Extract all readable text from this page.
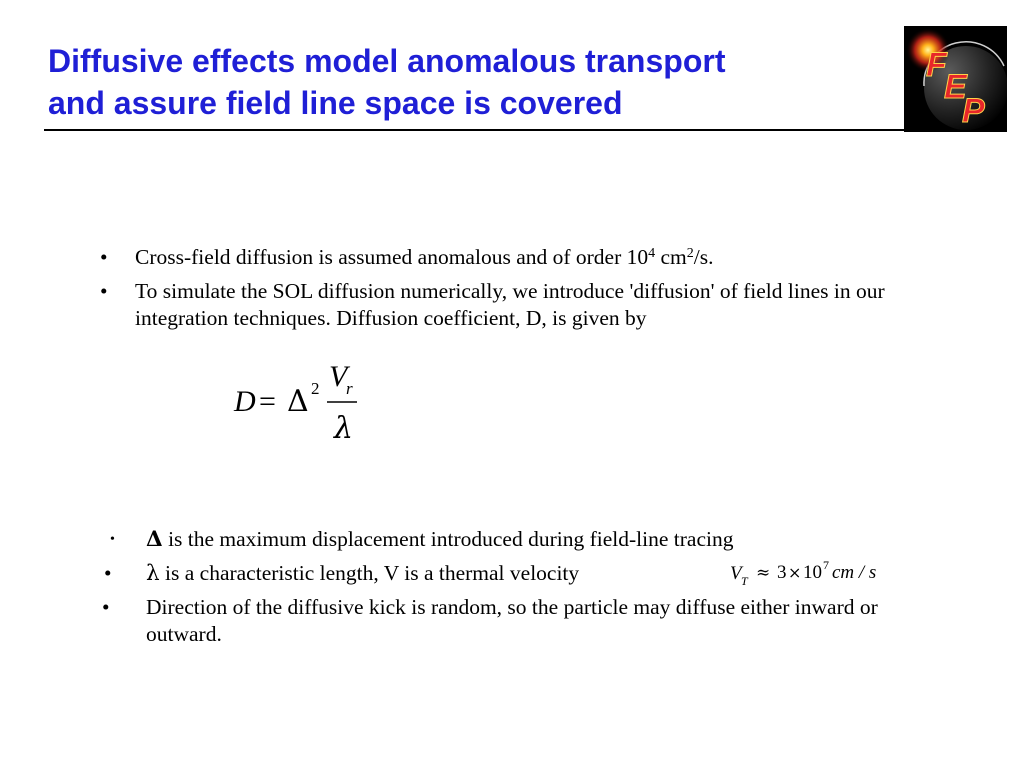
Diffusive effects model anomalous transport
and assure field line space is covered
F
E
P
• Cross-field diffusion is assumed anomalous and of order $10^4$ $cm^2/s$.
• To simulate the SOL diffusion numerically, we introduce 'diffusion' of field lines in our integration techniques. Diffusion coefficient, D, is given by
D = Δ 2 V
r
λ
• Δ is the maximum displacement introduced during field-line tracing
• λ is a characteristic length, V is a thermal velocity
• Direction of the diffusive kick is random, so the particle may diffuse either inward or outward.
V T ≈ 3 × 10 7 cm / s
